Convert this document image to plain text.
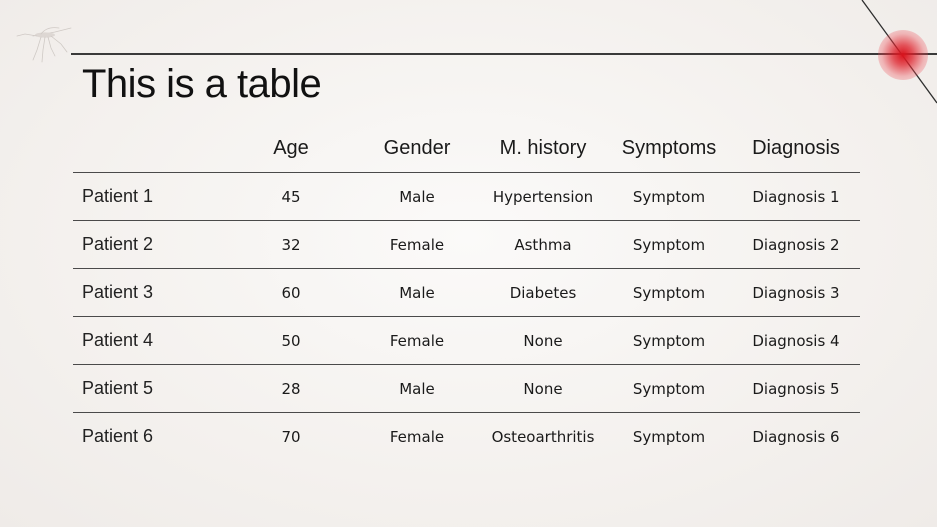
This is a table
	Age	Gender	M. history	Symptoms	Diagnosis
Patient 1	45	Male	Hypertension	Symptom	Diagnosis 1
Patient 2	32	Female	Asthma	Symptom	Diagnosis 2
Patient 3	60	Male	Diabetes	Symptom	Diagnosis 3
Patient 4	50	Female	None	Symptom	Diagnosis 4
Patient 5	28	Male	None	Symptom	Diagnosis 5
Patient 6	70	Female	Osteoarthritis	Symptom	Diagnosis 6
